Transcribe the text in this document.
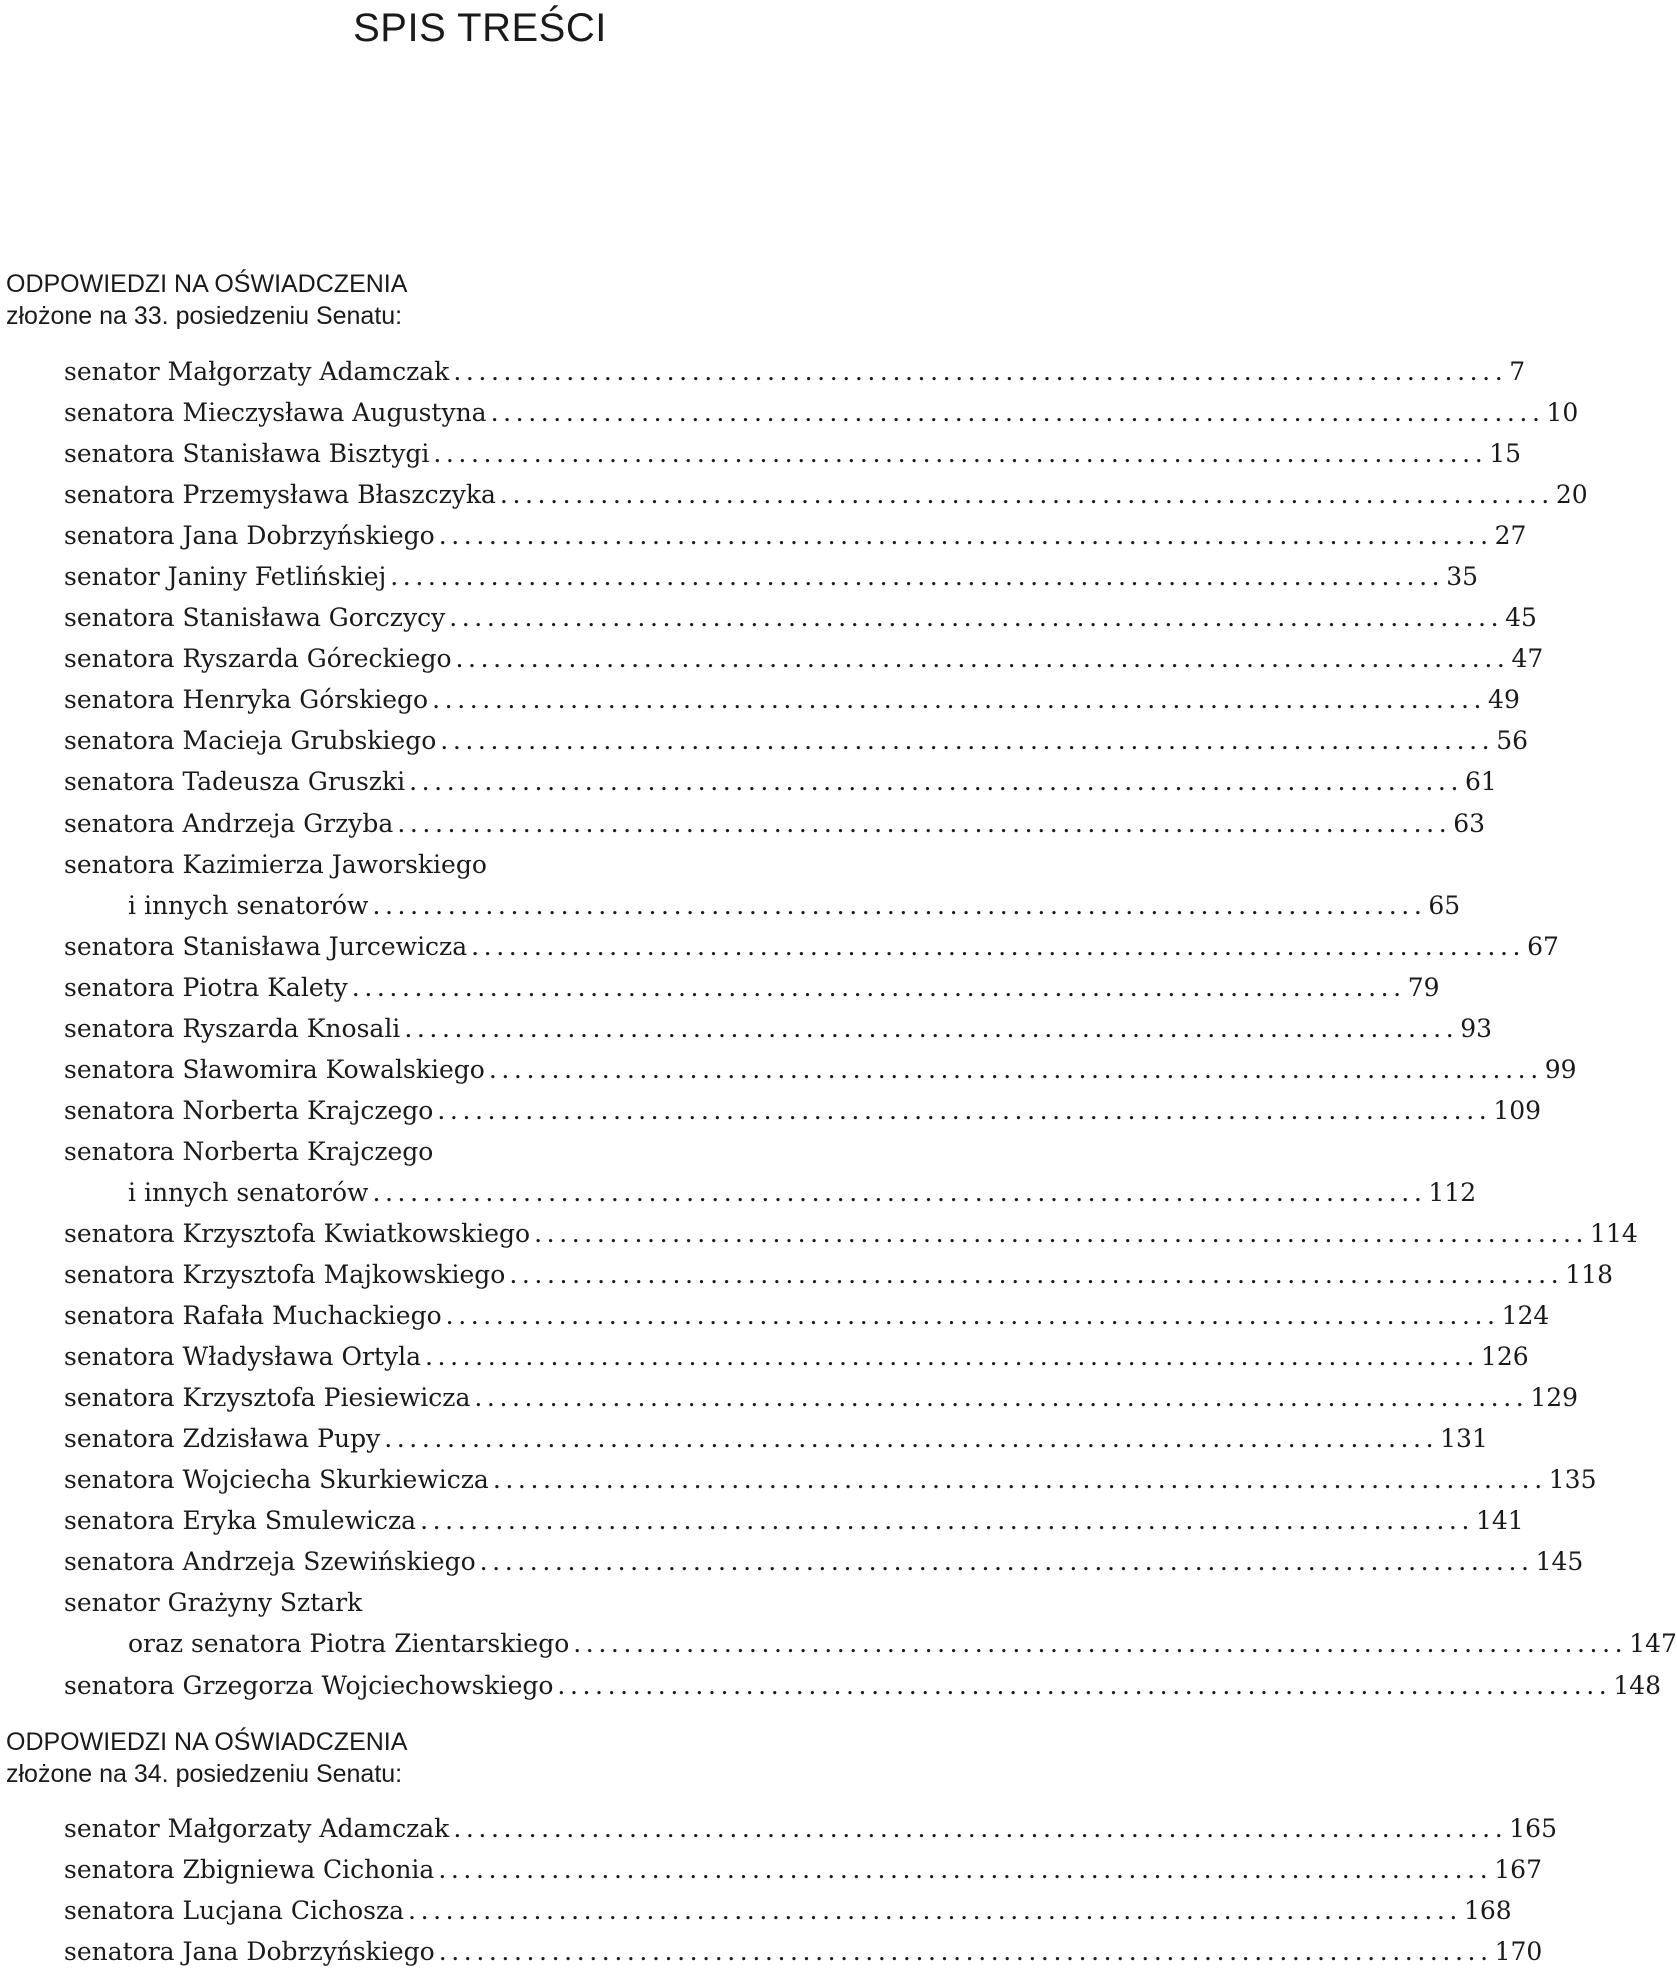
SPIS TREŚCI
ODPOWIEDZI NA OŚWIADCZENIA
złożone na 33. posiedzeniu Senatu:
senator Małgorzaty Adamczak .................................................................................... 7
senatora Mieczysława Augustyna .................................................................................... 10
senatora Stanisława Bisztygi .................................................................................... 15
senatora Przemysława Błaszczyka .................................................................................... 20
senatora Jana Dobrzyńskiego .................................................................................... 27
senator Janiny Fetlińskiej .................................................................................... 35
senatora Stanisława Gorczycy .................................................................................... 45
senatora Ryszarda Góreckiego .................................................................................... 47
senatora Henryka Górskiego .................................................................................... 49
senatora Macieja Grubskiego .................................................................................... 56
senatora Tadeusza Gruszki .................................................................................... 61
senatora Andrzeja Grzyba .................................................................................... 63
senatora Kazimierza Jaworskiego
i innych senatorów .................................................................................... 65
senatora Stanisława Jurcewicza .................................................................................... 67
senatora Piotra Kalety .................................................................................... 79
senatora Ryszarda Knosali .................................................................................... 93
senatora Sławomira Kowalskiego .................................................................................... 99
senatora Norberta Krajczego .................................................................................... 109
senatora Norberta Krajczego
i innych senatorów .................................................................................... 112
senatora Krzysztofa Kwiatkowskiego .................................................................................... 114
senatora Krzysztofa Majkowskiego .................................................................................... 118
senatora Rafała Muchackiego .................................................................................... 124
senatora Władysława Ortyla .................................................................................... 126
senatora Krzysztofa Piesiewicza .................................................................................... 129
senatora Zdzisława Pupy .................................................................................... 131
senatora Wojciecha Skurkiewicza .................................................................................... 135
senatora Eryka Smulewicza .................................................................................... 141
senatora Andrzeja Szewińskiego .................................................................................... 145
senator Grażyny Sztark
oraz senatora Piotra Zientarskiego .................................................................................... 147
senatora Grzegorza Wojciechowskiego .................................................................................... 148
ODPOWIEDZI NA OŚWIADCZENIA
złożone na 34. posiedzeniu Senatu:
senator Małgorzaty Adamczak .................................................................................... 165
senatora Zbigniewa Cichonia .................................................................................... 167
senatora Lucjana Cichosza .................................................................................... 168
senatora Jana Dobrzyńskiego .................................................................................... 170
